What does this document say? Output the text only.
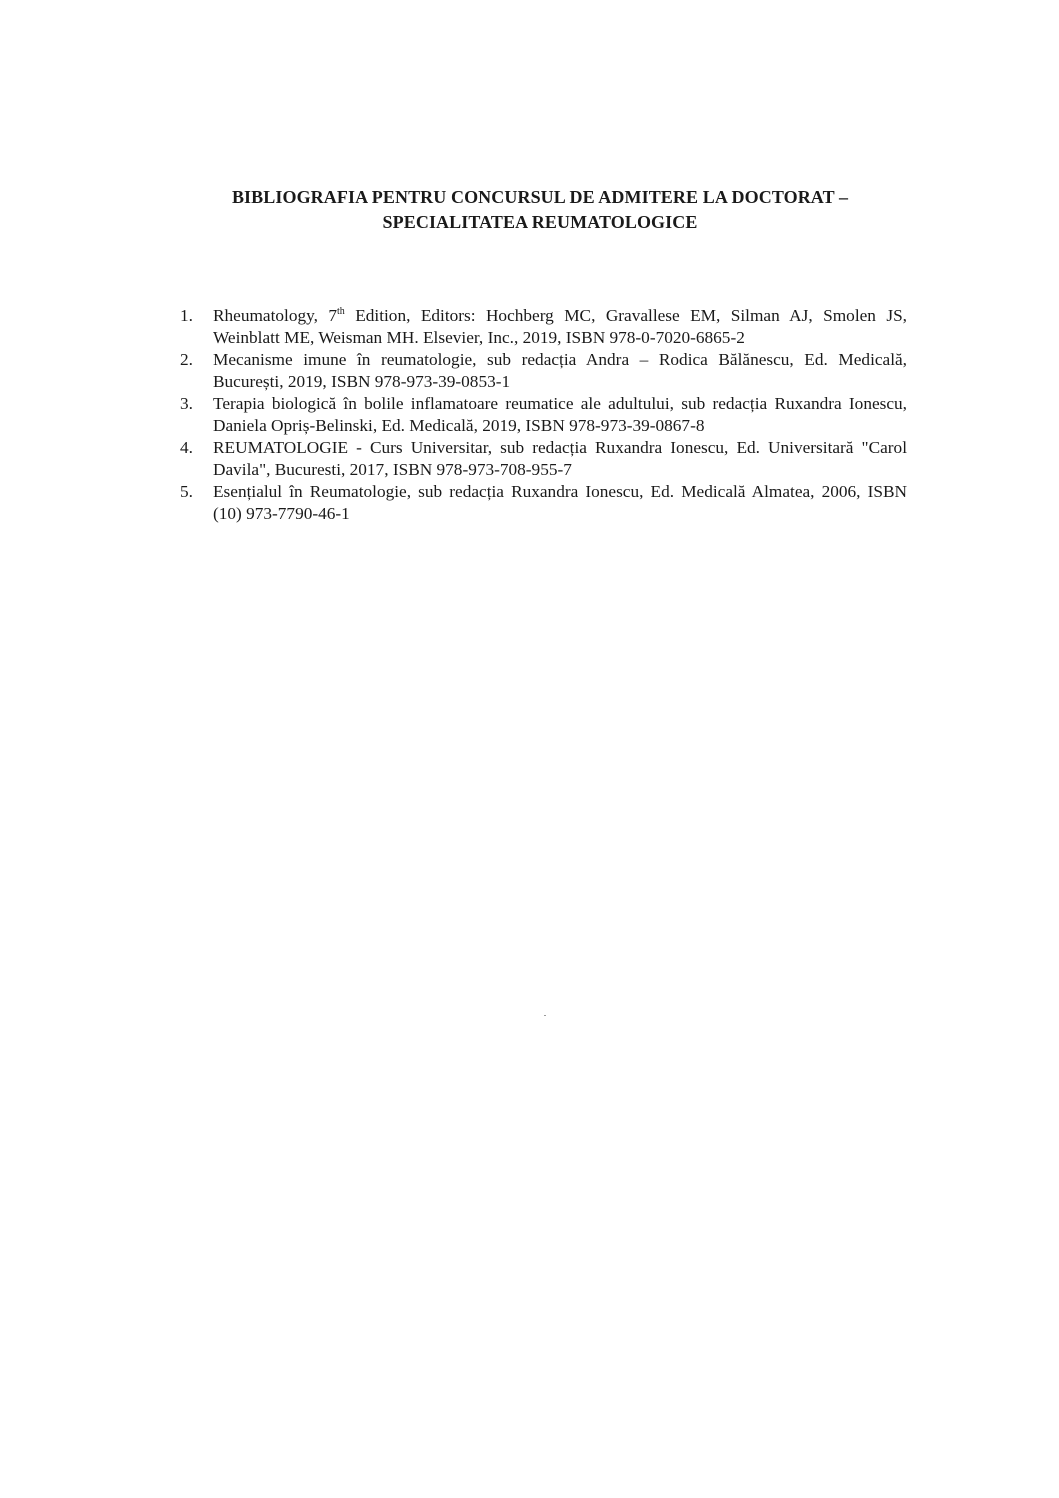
BIBLIOGRAFIA PENTRU CONCURSUL DE ADMITERE LA DOCTORAT –
SPECIALITATEA REUMATOLOGICE
1.	Rheumatology, 7th Edition, Editors: Hochberg MC, Gravallese EM, Silman AJ, Smolen JS, Weinblatt ME, Weisman MH. Elsevier, Inc., 2019, ISBN 978-0-7020-6865-2
2.	Mecanisme imune în reumatologie, sub redacția Andra – Rodica Bălănescu, Ed. Medicală, București, 2019, ISBN 978-973-39-0853-1
3.	Terapia biologică în bolile inflamatoare reumatice ale adultului, sub redacția Ruxandra Ionescu, Daniela Opriș-Belinski, Ed. Medicală, 2019, ISBN 978-973-39-0867-8
4.	REUMATOLOGIE - Curs Universitar, sub redacția Ruxandra Ionescu, Ed. Universitară "Carol Davila", Bucuresti, 2017, ISBN 978-973-708-955-7
5.	Esențialul în Reumatologie, sub redacția Ruxandra Ionescu, Ed. Medicală Almatea, 2006, ISBN (10) 973-7790-46-1
